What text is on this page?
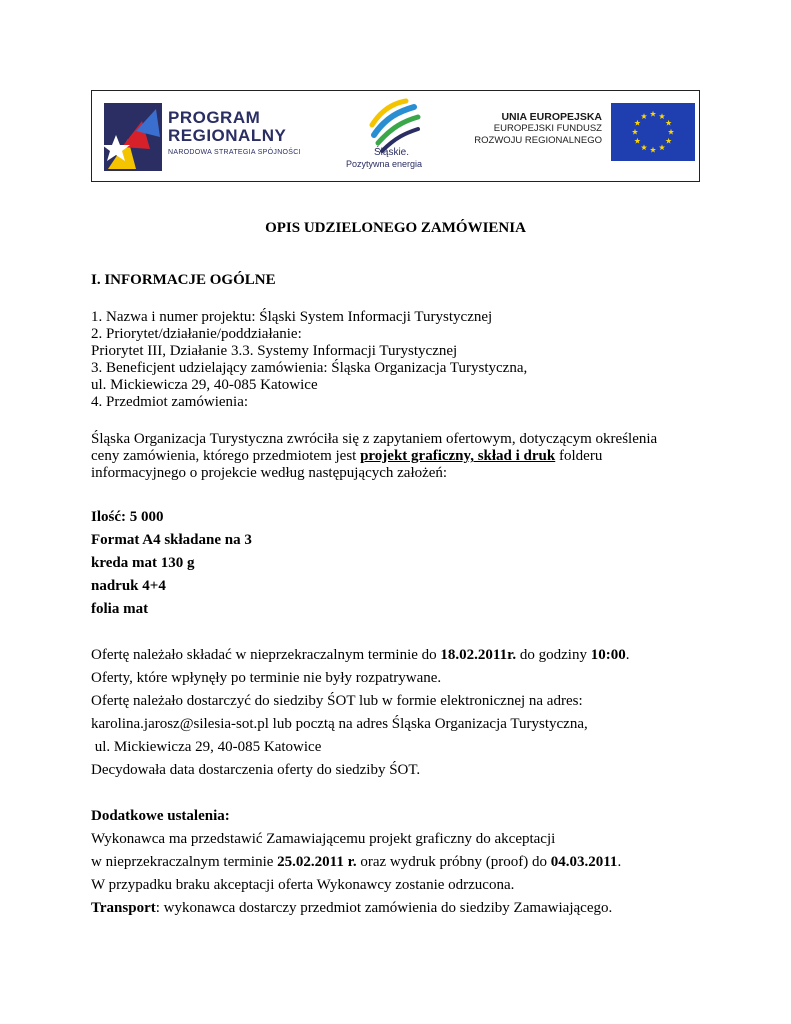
PROGRAM
REGIONALNY
NARODOWA STRATEGIA SPÓJNOŚCI	Śląskie.
Pozytywna energia
UNIA EUROPEJSKA
EUROPEJSKI FUNDUSZ
ROZWOJU REGIONALNEGO
OPIS UDZIELONEGO ZAMÓWIENIA
I. INFORMACJE OGÓLNE
1. Nazwa i numer projektu: Śląski System Informacji Turystycznej
2. Priorytet/działanie/poddziałanie:
Priorytet III, Działanie 3.3. Systemy Informacji Turystycznej
3. Beneficjent udzielający zamówienia: Śląska Organizacja Turystyczna,
ul. Mickiewicza 29, 40-085 Katowice
4. Przedmiot zamówienia:
Śląska Organizacja Turystyczna zwróciła się z zapytaniem ofertowym, dotyczącym określenia
ceny zamówienia, którego przedmiotem jest projekt graficzny, skład i druk folderu
informacyjnego o projekcie według następujących założeń:
Ilość: 5 000
Format A4 składane na 3
kreda mat 130 g
nadruk 4+4
folia mat
Ofertę należało składać w nieprzekraczalnym terminie do 18.02.2011r. do godziny 10:00.
Oferty, które wpłynęły po terminie nie były rozpatrywane.
Ofertę należało dostarczyć do siedziby ŚOT lub w formie elektronicznej na adres:
karolina.jarosz@silesia-sot.pl lub pocztą na adres Śląska Organizacja Turystyczna,
ul. Mickiewicza 29, 40-085 Katowice
Decydowała data dostarczenia oferty do siedziby ŚOT.
Dodatkowe ustalenia:
Wykonawca ma przedstawić Zamawiającemu projekt graficzny do akceptacji
w nieprzekraczalnym terminie 25.02.2011 r. oraz wydruk próbny (proof) do 04.03.2011.
W przypadku braku akceptacji oferta Wykonawcy zostanie odrzucona.
Transport: wykonawca dostarczy przedmiot zamówienia do siedziby Zamawiającego.
